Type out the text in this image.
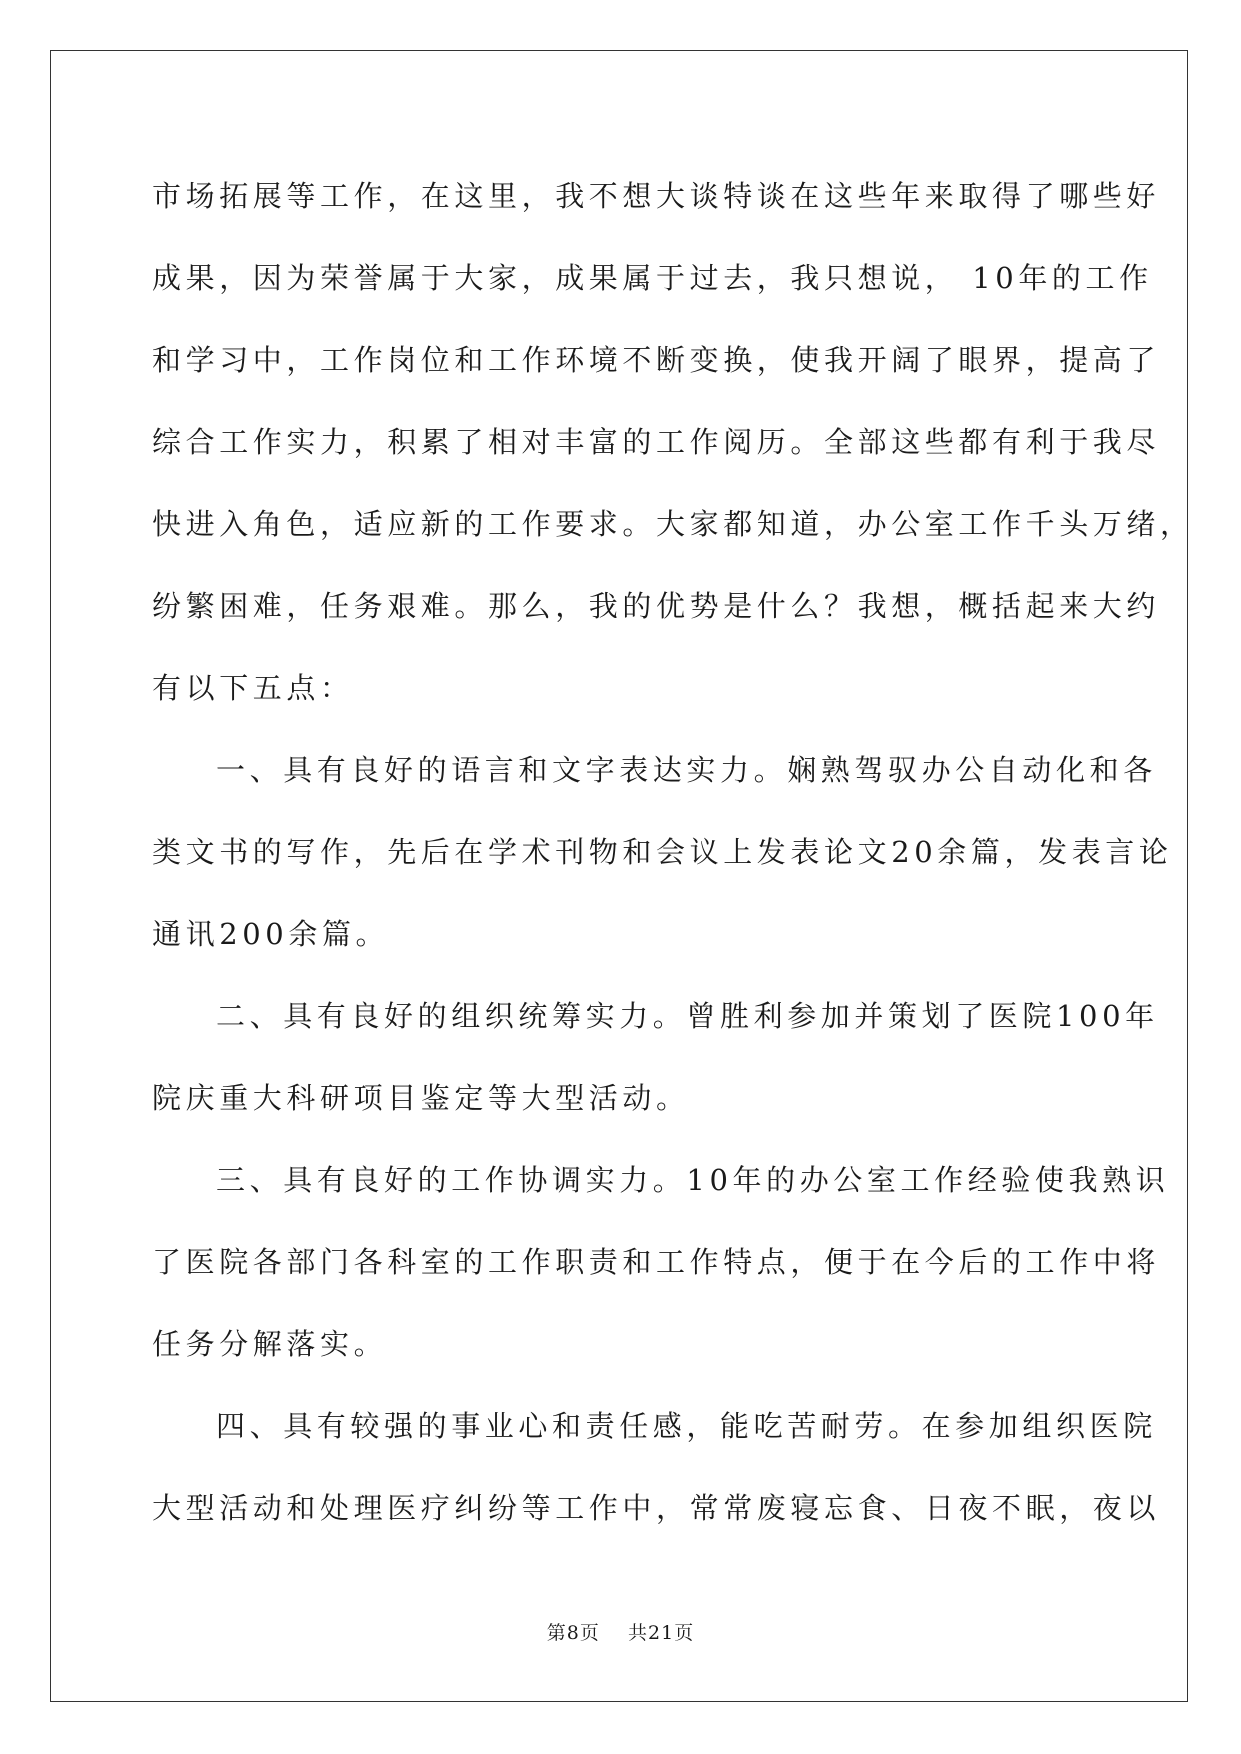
市场拓展等工作，在这里，我不想大谈特谈在这些年来取得了哪些好
成果，因为荣誉属于大家，成果属于过去，我只想说， 10年的工作
和学习中，工作岗位和工作环境不断变换，使我开阔了眼界，提高了
综合工作实力，积累了相对丰富的工作阅历。全部这些都有利于我尽
快进入角色，适应新的工作要求。大家都知道，办公室工作千头万绪，
纷繁困难，任务艰难。那么，我的优势是什么？我想，概括起来大约
有以下五点：
一、具有良好的语言和文字表达实力。娴熟驾驭办公自动化和各
类文书的写作，先后在学术刊物和会议上发表论文20余篇，发表言论
通讯200余篇。
二、具有良好的组织统筹实力。曾胜利参加并策划了医院100年
院庆重大科研项目鉴定等大型活动。
三、具有良好的工作协调实力。10年的办公室工作经验使我熟识
了医院各部门各科室的工作职责和工作特点，便于在今后的工作中将
任务分解落实。
四、具有较强的事业心和责任感，能吃苦耐劳。在参加组织医院
大型活动和处理医疗纠纷等工作中，常常废寝忘食、日夜不眠，夜以
第8页    共21页
